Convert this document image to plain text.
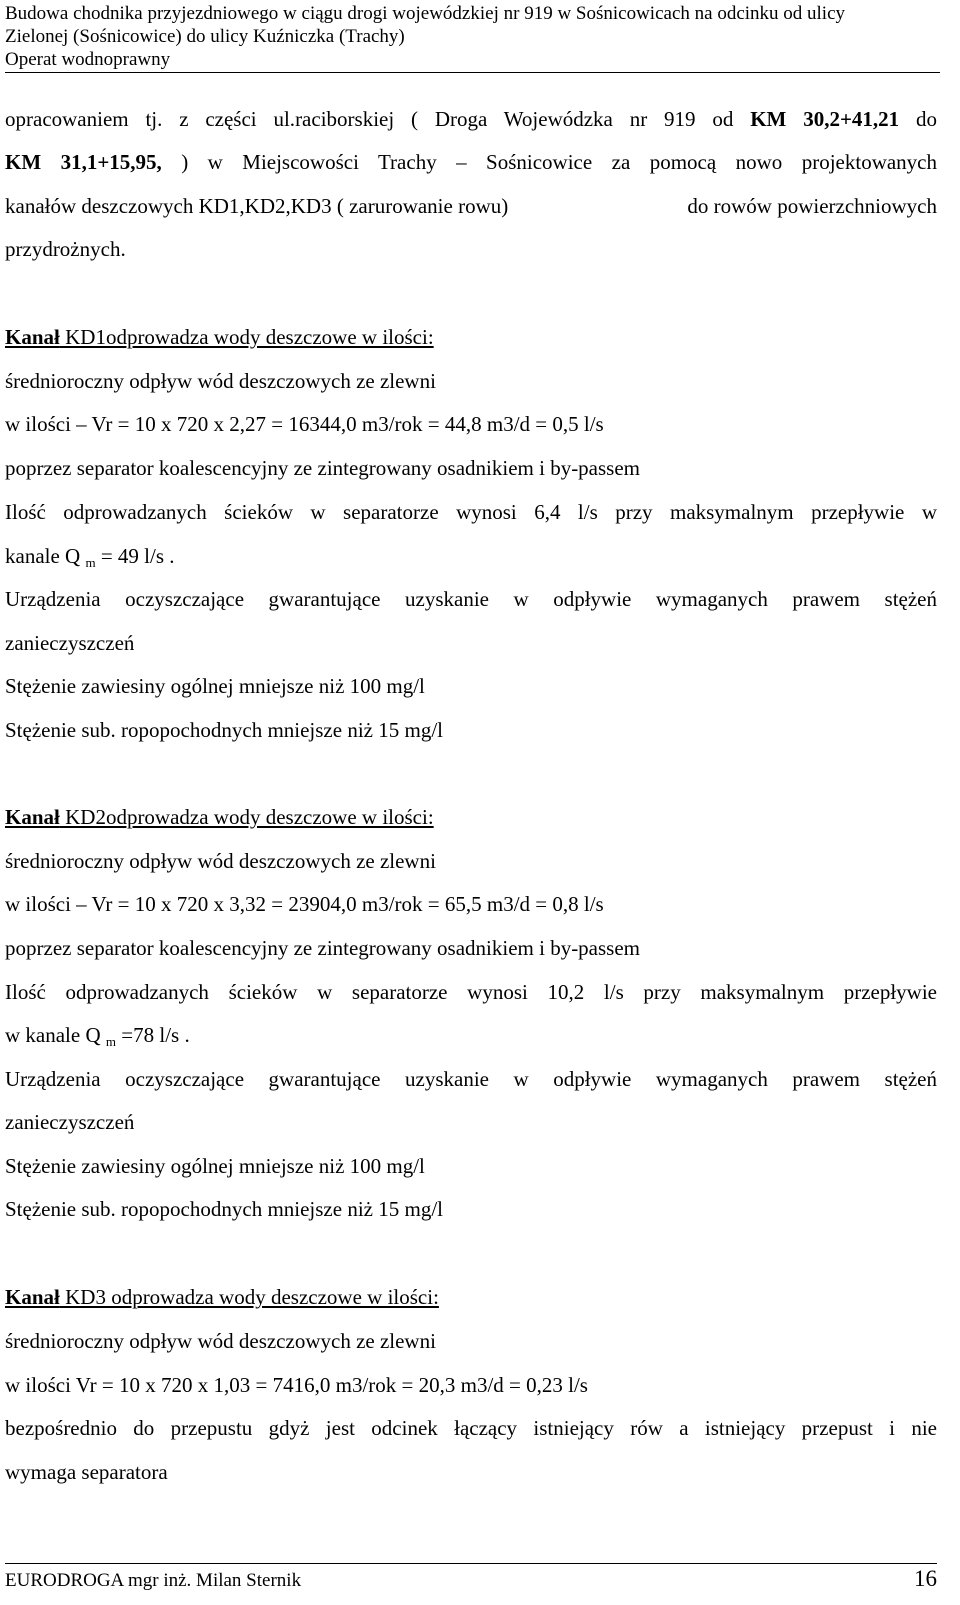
Budowa chodnika przyjezdniowego w ciągu drogi wojewódzkiej nr 919 w Sośnicowicach na odcinku od ulicy
Zielonej (Sośnicowice) do ulicy Kuźniczka (Trachy)
Operat wodnoprawny
opracowaniem tj. z części ul.raciborskiej ( Droga Wojewódzka nr 919 od KM 30,2+41,21 do
KM 31,1+15,95, ) w Miejscowości Trachy – Sośnicowice za pomocą nowo projektowanych
kanałów deszczowych KD1,KD2,KD3 ( zarurowanie rowu)	do rowów powierzchniowych
przydrożnych.
Kanał KD1odprowadza wody deszczowe w ilości:
średnioroczny odpływ wód deszczowych ze zlewni
w ilości – Vr = 10 x 720 x 2,27 = 16344,0 m3/rok = 44,8 m3/d = 0,5 l/s
poprzez separator koalescencyjny ze zintegrowany osadnikiem i by-passem
Ilość odprowadzanych ścieków w separatorze wynosi 6,4 l/s przy maksymalnym przepływie w
kanale Q $_m$ = 49 l/s .
Urządzenia oczyszczające gwarantujące uzyskanie w odpływie wymaganych prawem stężeń
zanieczyszczeń
Stężenie zawiesiny ogólnej mniejsze niż 100 mg/l
Stężenie sub. ropopochodnych mniejsze niż 15 mg/l
Kanał KD2odprowadza wody deszczowe w ilości:
średnioroczny odpływ wód deszczowych ze zlewni
w ilości – Vr = 10 x 720 x 3,32 = 23904,0 m3/rok = 65,5 m3/d = 0,8 l/s
poprzez separator koalescencyjny ze zintegrowany osadnikiem i by-passem
Ilość odprowadzanych ścieków w separatorze wynosi 10,2 l/s przy maksymalnym przepływie
w kanale Q $_m$ =78 l/s .
Urządzenia oczyszczające gwarantujące uzyskanie w odpływie wymaganych prawem stężeń
zanieczyszczeń
Stężenie zawiesiny ogólnej mniejsze niż 100 mg/l
Stężenie sub. ropopochodnych mniejsze niż 15 mg/l
Kanał KD3 odprowadza wody deszczowe w ilości:
średnioroczny odpływ wód deszczowych ze zlewni
w ilości Vr = 10 x 720 x 1,03 = 7416,0 m3/rok = 20,3 m3/d = 0,23 l/s
bezpośrednio do przepustu gdyż jest odcinek łączący istniejący rów a istniejący przepust i nie
wymaga separatora
EURODROGA mgr inż. Milan Sternik	16
